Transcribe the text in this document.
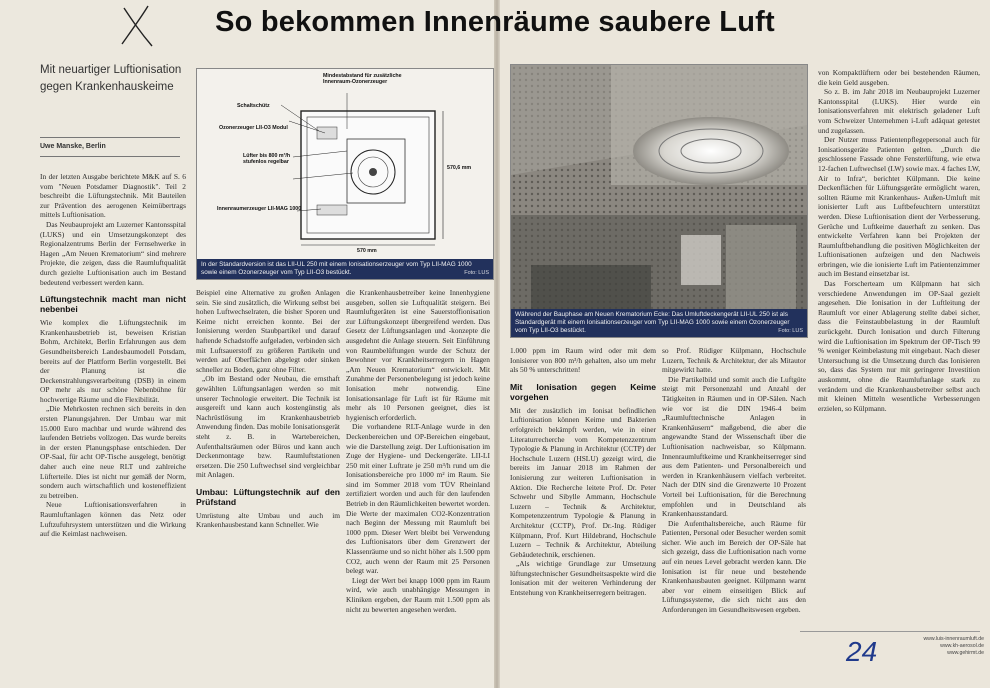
So bekommen Innenräume saubere Luft
Mit neuartiger Luftionisation gegen Krankenhauskeime
Uwe Manske, Berlin

In der letzten Ausgabe berichtete M&K auf S. 6 vom "Neuen Potsdamer Diagnostik". Teil 2 beschreibt die Lüftungstechnik. Mit Bauteilen zur Prävention des aerogenen Keimübertrags mittels Luftionisation.

Das Neubauprojekt am Luzerner Kantonsspital (LUKS) und ein Umsetzungskonzept des Regionalzentrums Berlin der Fernsehwerke in Hagen „Am Neuen Krematorium“ sind mehrere Projekte, die zeigen, dass die Raumluftqualität durch gezielte Luftionisation auch im Bestand bedeutend verbessert werden kann.

Lüftungstechnik macht man nicht nebenbei

Wie komplex die Lüftungstechnik im Krankenhausbetrieb ist, beweisen Kristian Bohm, Architekt, Berlin Erfahrungen aus dem Gesundheitsbereich Landesbaumodell Potsdam, bereits auf der Plattform Berlin vorgestellt. Bei der Planung ist die Deckenstrahlungsverarbeitung (DSB) in einem OP mehr als nur schöne Nebenbühne für hochwertige Räume und die Flexibilität.

„Die Mehrkosten rechnen sich bereits in den ersten Planungsjahren. Der Umbau war mit 15.000 Euro machbar und wurde während des laufenden Betriebs vollzogen. Das wurde bereits in der ersten Planungsphase entschieden. Der OP-Saal, für acht OP-Tische ausgelegt, benötigt daher auch eine neue RLT und zahlreiche Lüfterteile. Dies ist nicht nur gemäß der Norm, sondern auch wirtschaftlich und kosteneffizient zu betreiben.

Neue Luftionisationsverfahren in Raumluftanlagen können das Netz oder Luftzufuhrsystem unterstützen und die Wirkung auf die Keimlast nachweisen.

Mindestabstand für zusätzliche Innenraum-Ozonerzeuger
Schaltschütz
Ozonerzeuger LII-O3 Modul
Lüfter bis 800 m³/h stufenlos regelbar
Innenraumerzeuger LII-MAG 1000
570 mm
570,6 mm
In der Standardversion ist das LII-UL 250 mit einem Ionisationserzeuger vom Typ LII-MAG 1000 sowie einem Ozonerzeuger vom Typ LII-O3 bestückt.	Foto: LUS

Beispiel eine Alternative zu großen Anlagen sein. Sie sind zusätzlich, die Wirkung selbst bei hohen Luftwechselraten, die bisher Sporen und Keime nicht erreichen konnte. Bei der Ionisierung werden Staubpartikel und darauf haftende Schadstoffe aufgeladen, verbinden sich mit Luftsauerstoff zu größeren Partikeln und werden auf Oberflächen abgelegt oder sinken schneller zu Boden, ganz ohne Filter.

„Ob im Bestand oder Neubau, die ernsthaft gewählten Lüftungsanlagen werden so mit unserer Technologie erweitert. Die Technik ist ausgereift und kann auch kostengünstig als Nachrüstlösung im Krankenhausbetrieb Anwendung finden. Das mobile Ionisationsgerät steht z. B. in Wartebereichen, Aufenthaltsräumen oder Büros und kann auch Deckenmontage bzw. Raumluftstationen ersetzen. Die 250 Luftwechsel sind vergleichbar mit Anlagen.

Umbau: Lüftungstechnik auf den Prüfstand

Umrüstung alte Umbau und auch im Krankenhausbestand kann Schneller. Wie

die Krankenhausbetreiber keine Innenhygiene ausgeben, sollen sie Luftqualität steigern. Bei Raumluftgeräten ist eine Sauerstoffionisation zur Lüftungskonzept übergreifend werden. Das Gesetz der Lüftungsanlagen und -konzepte die ausgedehnt die Anlage steuern. Seit Einführung von Raumbelüftungen wurde der Schutz der Bewohner vor Krankheitserregern in Hagen „Am Neuen Krematorium“ entwickelt. Mit Zunahme der Personenbelegung ist jedoch keine Ionisation mehr notwendig. Eine Ionisationsanlage für Luft ist für Räume mit mehr als 10 Personen geeignet, dies ist hygienisch erforderlich.

Die vorhandene RLT-Anlage wurde in den Deckenbereichen und OP-Bereichen eingebaut, wie die Darstellung zeigt. Der Luftionisation im Zuge der Hygiene- und Deckengeräte. LII-LI 250 mit einer Luftrate je 250 m³/h rund um die Ionisationsbereiche pro 1000 m² im Raum. Sie sind im Sommer 2018 vom TÜV Rheinland zertifiziert worden und auch für den laufenden Betrieb in den Räumlichkeiten bewertet worden. Die Werte der maximalen CO2-Konzentration nach Beginn der Messung mit Raumluft bei 1000 ppm. Dieser Wert bleibt bei Verwendung des Luftionisators über dem Grenzwert der Klassenräume und so nicht höher als 1.500 ppm CO2, auch wenn der Raum mit 25 Personen belegt war.

Liegt der Wert bei knapp 1000 ppm im Raum wird, wie auch unabhängige Messungen in Kliniken ergeben, der Raum mit 1.500 ppm als nicht zu bewerten angesehen werden.

Während der Bauphase am Neuen Krematorium Ecke: Das Umluftdeckengerät LII-UL 250 ist als Standardgerät mit einem Ionisationserzeuger vom Typ LII-MAG 1000 sowie einem Ozonerzeuger vom Typ LII-O3 bestückt.	Foto: LUS

1.000 ppm im Raum wird oder mit dem Ionisierer von 800 m³/h gehalten, also um mehr als 50 % unterschritten!

Mit Ionisation gegen Keime vorgehen

Mit der zusätzlich im Ionisat befindlichen Luftionisation können Keime und Bakterien erfolgreich bekämpft werden, wie in einer Literaturrecherche vom Kompetenzzentrum Typologie & Planung in Architektur (CCTP) der Hochschule Luzern (HSLU) gezeigt wird, die bereits im Januar 2018 im Rahmen der Ionisierung zur weiteren Luftionisation in Aktion. Die Recherche leitete Prof. Dr. Peter Schwehr und Sibylle Ammann, Hochschule Luzern – Technik & Architektur, Kompetenzzentrum Typologie & Planung in Architektur (CCTP), Prof. Dr.-Ing. Rüdiger Külpmann, Prof. Kurt Hildebrand, Hochschule Luzern – Technik & Architektur, Abteilung Gebäudetechnik, erschienen.

„Als wichtige Grundlage zur Umsetzung lüftungstechnischer Gesundheitsaspekte wird die Ionisation mit der weiteren Verhinderung der Entstehung von Krankheitserregern beitragen.

so Prof. Rüdiger Külpmann, Hochschule Luzern, Technik & Architektur, der als Mitautor mitgewirkt hatte.

Die Partikelbild und somit auch die Luftgüte steigt mit Personenzahl und Anzahl der Tätigkeiten in Räumen und in OP-Sälen. Nach wie vor ist die DIN 1946-4 beim „Raumlufttechnische Anlagen in Krankenhäusern“ maßgebend, die aber die angewandte Stand der Wissenschaft über die Luftionisation nachweisbar, so Külpmann. Innenraumluftkeime und Krankheitserreger sind aus dem Patienten- und Personalbereich und werden in Krankenhäusern vielfach verbreitet. Nach der DIN sind die Grenzwerte 10 Prozent Vorteil bei Luftionisation, für die Berechnung empfohlen und in Deutschland als Krankenhausstandard.

Die Aufenthaltsbereiche, auch Räume für Patienten, Personal oder Besucher werden somit sicher. Wie auch im Bereich der OP-Säle hat sich gezeigt, dass die Luftionisation nach vorne auf ein neues Level gebracht werden kann. Die Ionisation ist für neue und bestehende Krankenhausbauten geeignet. Külpmann warnt aber vor einem einseitigen Blick auf Lüftungssysteme, die sich nicht aus den Anforderungen im Gesundheitswesen ergeben.

von Kompaktlüftern oder bei bestehenden Räumen, die kein Geld ausgeben.

So z. B. im Jahr 2018 im Neubauprojekt Luzerner Kantonsspital (LUKS). Hier wurde ein Ionisationsverfahren mit elektrisch geladener Luft vom Schweizer Unternehmen i-Luft adäquat getestet und zugelassen.

Der Nutzer muss Patientenpflegepersonal auch für Ionisationsgeräte Patienten gelten. „Durch die geschlossene Fassade ohne Fensterlüftung, wie etwa 12-fachen Luftwechsel (LW) sowie max. 4 faches LW, Air to Infra“, berichtet Külpmann. Die keine Deckenflächen für Lüftungsgeräte ermöglicht waren, sollten Räume mit Krankenhaus- Außen-Umluft mit ionisierter Luft aus Luftbefeuchtern unterstützt werden. Diese Luftionisation dient der Verbesserung, Gerüche und Luftkeime dauerhaft zu senken. Das entwickelte Verfahren kann bei Projekten der Raumluftbehandlung die positiven Möglichkeiten der Luftionisationen aufzeigen und den Nachweis erbringen, wie die ionisierte Luft im Patientenzimmer auch im Bestand einsetzbar ist.

Das Forscherteam um Külpmann hat sich verschiedene Anwendungen im OP-Saal gezielt angesehen. Die Ionisation in der Luftleitung der Raumluft vor einer Ablagerung stellte dabei sicher, dass die Feinstaubbelastung in der Raumluft zurückgeht. Durch Ionisation und durch Filterung wird die Luftionisation im Spektrum der OP-Tisch 99 % weniger Keimbelastung mit eingebaut. Nach dieser Untersuchung ist die Umsetzung durch das Ionisieren so, dass das System nur mit geringerer Investition auskommt, ohne die Raumluftanlage stark zu verändern und die Krankenhausbetreiber selbst auch mit kleinen Mitteln wesentliche Verbesserungen erzielen, so Külpmann.

24	www.luis-innenraumluft.de
www.kh-aerosol.de
www.gehirmt.de
